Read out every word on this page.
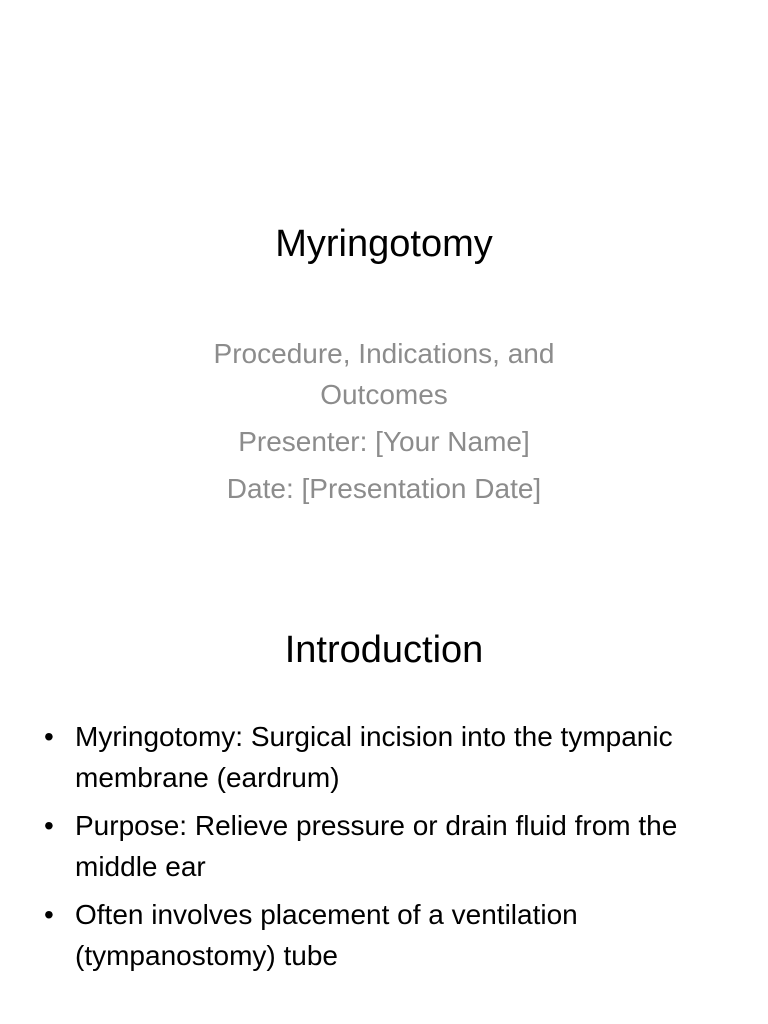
Myringotomy
Procedure, Indications, and Outcomes
Presenter: [Your Name]
Date: [Presentation Date]
Introduction
• Myringotomy: Surgical incision into the tympanic membrane (eardrum)
• Purpose: Relieve pressure or drain fluid from the middle ear
• Often involves placement of a ventilation (tympanostomy) tube
